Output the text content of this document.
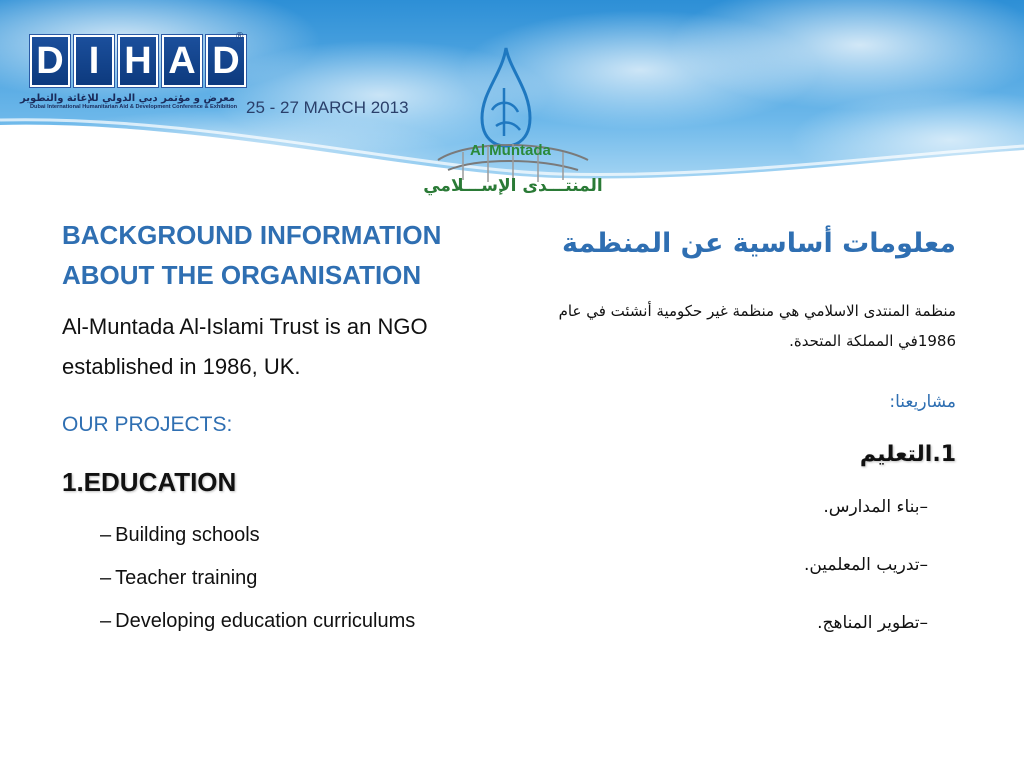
D I H A D
®
معرض و مؤتمر دبي الدولي للإغاثة والتطوير
Dubai International Humanitarian Aid & Development Conference & Exhibition 25 - 27 MARCH 2013
Al Muntada
المنتـــدى الإســـلامي
BACKGROUND INFORMATION
ABOUT THE ORGANISATION

Al-Muntada Al-Islami Trust is an NGO established in 1986, UK.

OUR PROJECTS:
1.EDUCATION
– Building schools
– Teacher training
– Developing education curriculums
معلومات أساسية عن المنظمة

منظمة المنتدى الاسلامي هي منظمة غير حكومية أنشئت في عام 1986في المملكة المتحدة.

مشاريعنا:
1.التعليم
–بناء المدارس.
–تدريب المعلمين.
–تطوير المناهج.
